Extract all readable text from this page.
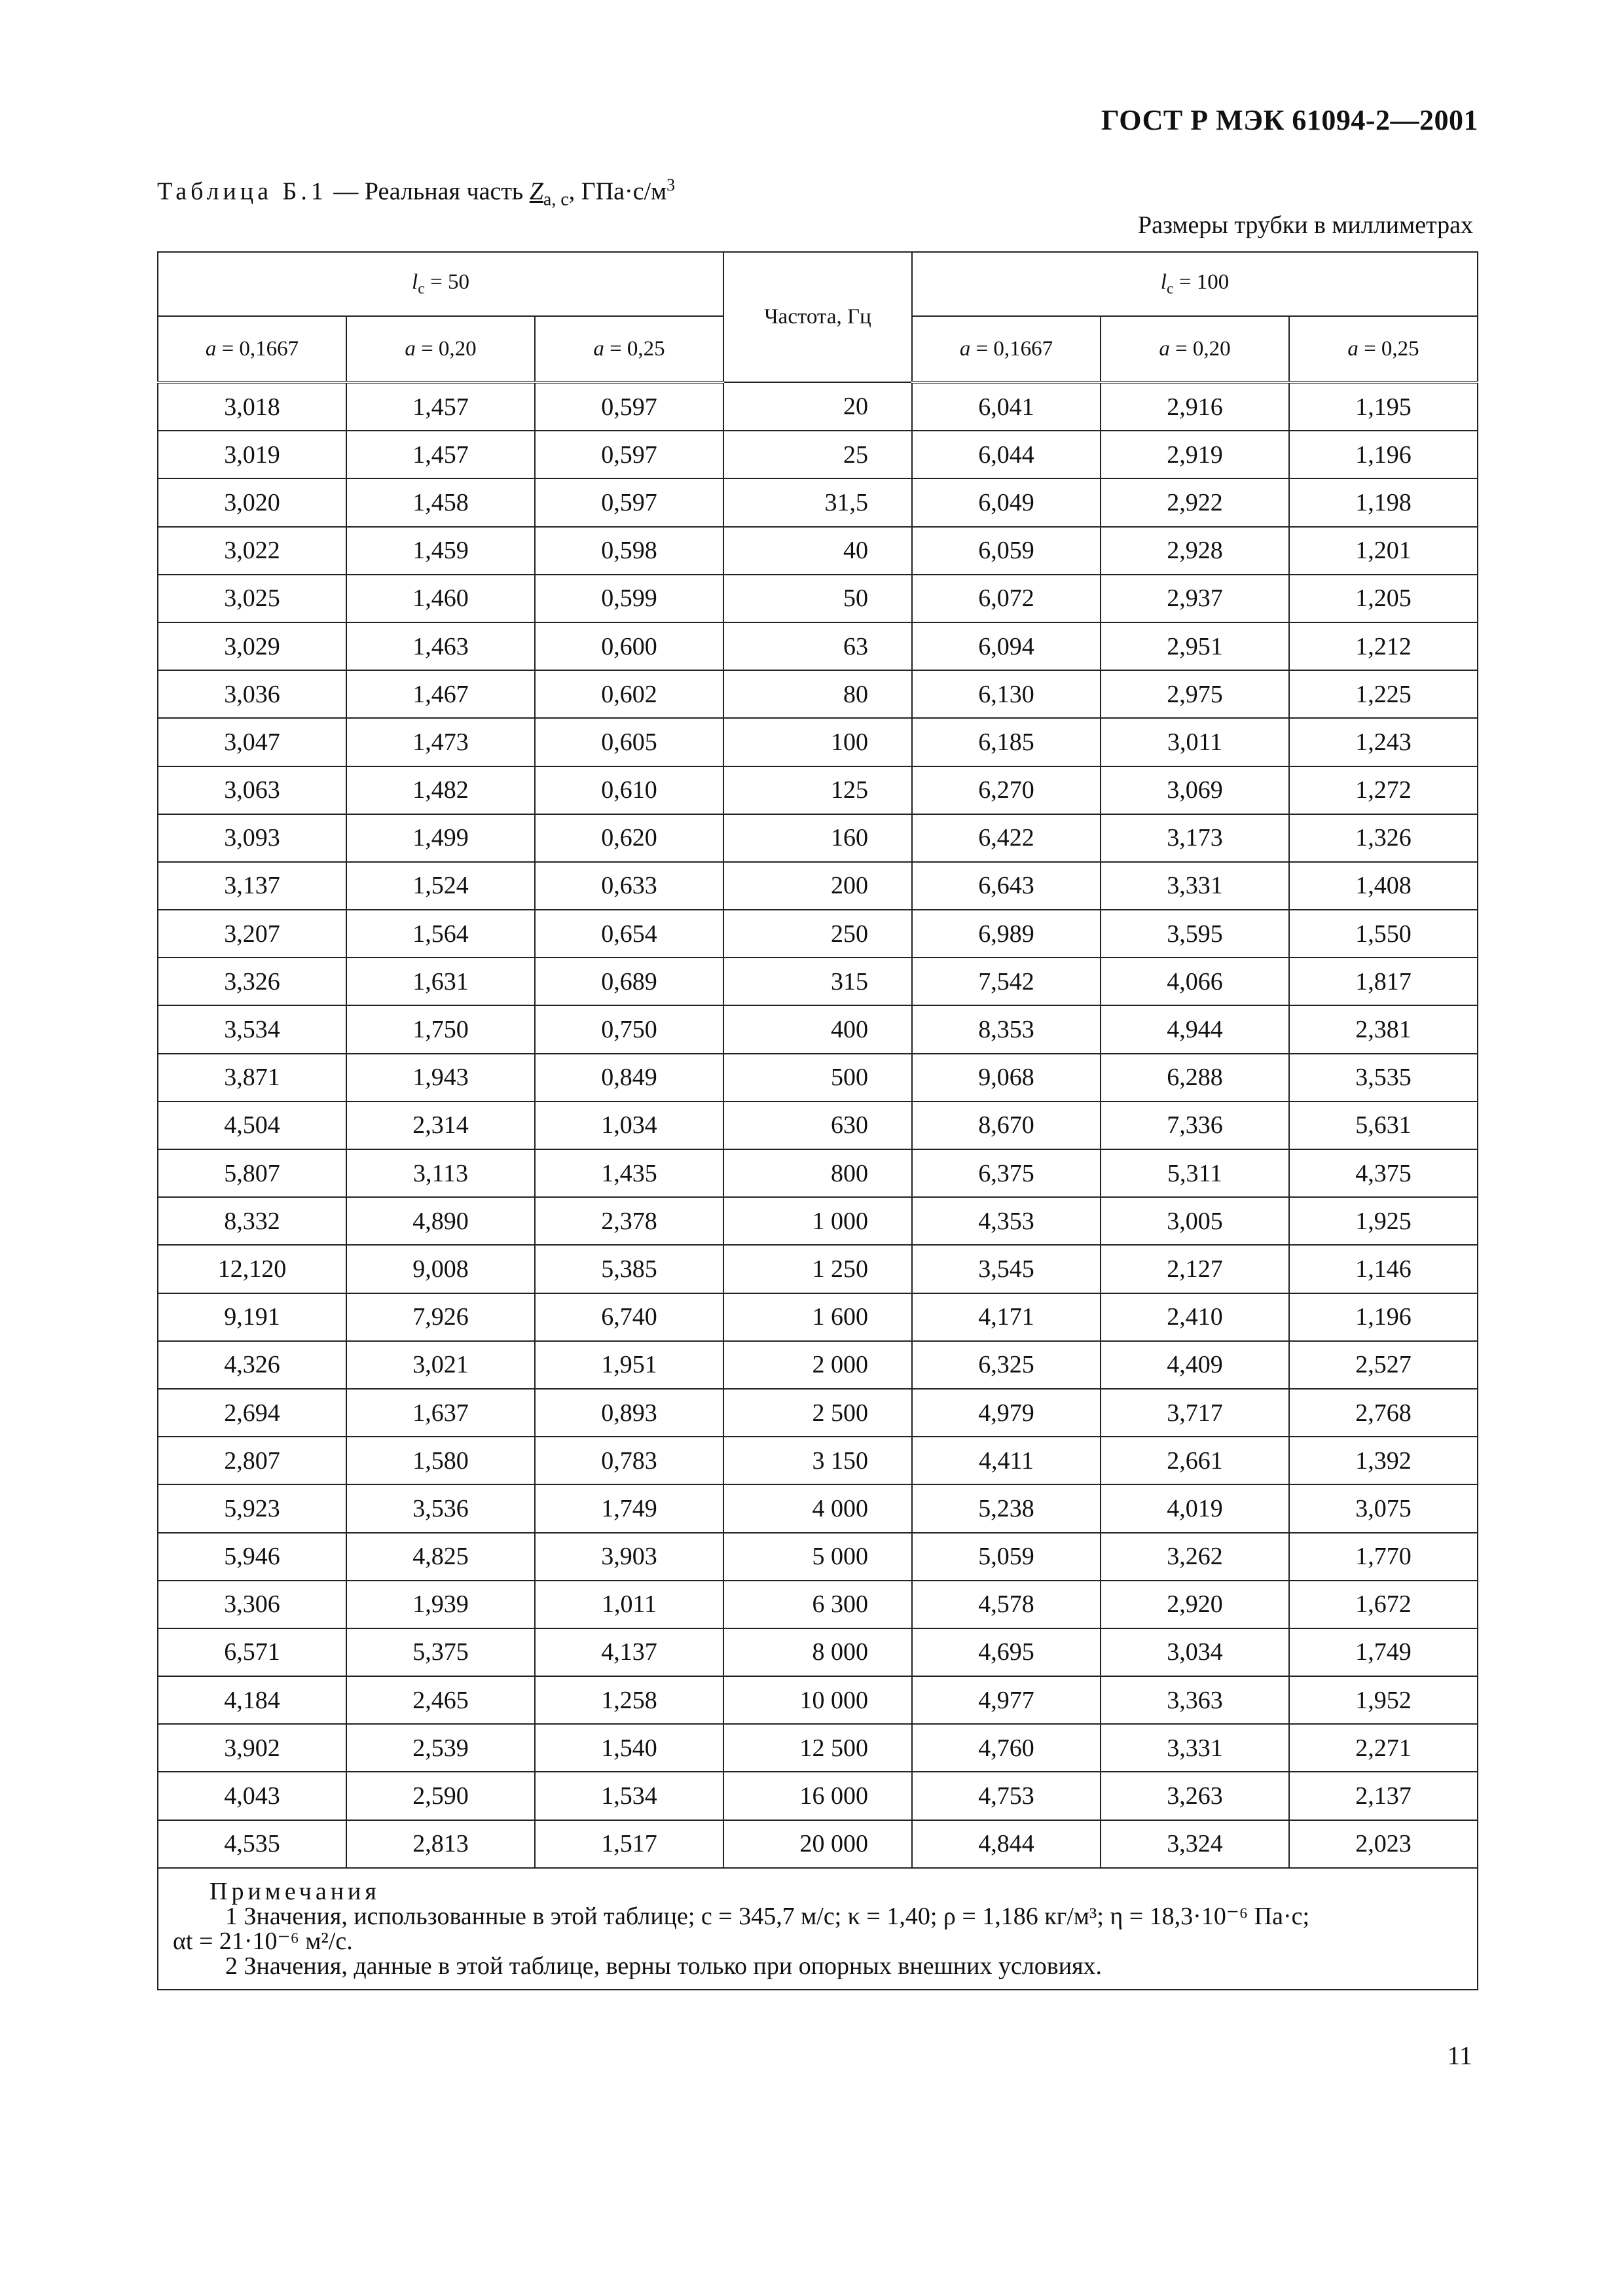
ГОСТ Р МЭК 61094-2—2001
Таблица Б.1 — Реальная часть $Z_{a, c}$, $ГПа\cdot с/м^3$
Размеры трубки в миллиметрах
$l_c = 50$			Частота, Гц	$l_c = 100$		
a = 0,1667	a = 0,20	a = 0,25		a = 0,1667	a = 0,20	a = 0,25
3,018	1,457	0,597	20	6,041	2,916	1,195
3,019	1,457	0,597	25	6,044	2,919	1,196
3,020	1,458	0,597	31,5	6,049	2,922	1,198
3,022	1,459	0,598	40	6,059	2,928	1,201
3,025	1,460	0,599	50	6,072	2,937	1,205
3,029	1,463	0,600	63	6,094	2,951	1,212
3,036	1,467	0,602	80	6,130	2,975	1,225
3,047	1,473	0,605	100	6,185	3,011	1,243
3,063	1,482	0,610	125	6,270	3,069	1,272
3,093	1,499	0,620	160	6,422	3,173	1,326
3,137	1,524	0,633	200	6,643	3,331	1,408
3,207	1,564	0,654	250	6,989	3,595	1,550
3,326	1,631	0,689	315	7,542	4,066	1,817
3,534	1,750	0,750	400	8,353	4,944	2,381
3,871	1,943	0,849	500	9,068	6,288	3,535
4,504	2,314	1,034	630	8,670	7,336	5,631
5,807	3,113	1,435	800	6,375	5,311	4,375
8,332	4,890	2,378	1 000	4,353	3,005	1,925
12,120	9,008	5,385	1 250	3,545	2,127	1,146
9,191	7,926	6,740	1 600	4,171	2,410	1,196
4,326	3,021	1,951	2 000	6,325	4,409	2,527
2,694	1,637	0,893	2 500	4,979	3,717	2,768
2,807	1,580	0,783	3 150	4,411	2,661	1,392
5,923	3,536	1,749	4 000	5,238	4,019	3,075
5,946	4,825	3,903	5 000	5,059	3,262	1,770
3,306	1,939	1,011	6 300	4,578	2,920	1,672
6,571	5,375	4,137	8 000	4,695	3,034	1,749
4,184	2,465	1,258	10 000	4,977	3,363	1,952
3,902	2,539	1,540	12 500	4,760	3,331	2,271
4,043	2,590	1,534	16 000	4,753	3,263	2,137
4,535	2,813	1,517	20 000	4,844	3,324	2,023

Примечания
1 Значения, использованные в этой таблице; c = 345,7 м/с; κ = 1,40; ρ = 1,186 кг/м³; η = 18,3·10⁻⁶ Па·с;
αt = 21·10⁻⁶ м²/с.
2 Значения, данные в этой таблице, верны только при опорных внешних условиях.						
11
